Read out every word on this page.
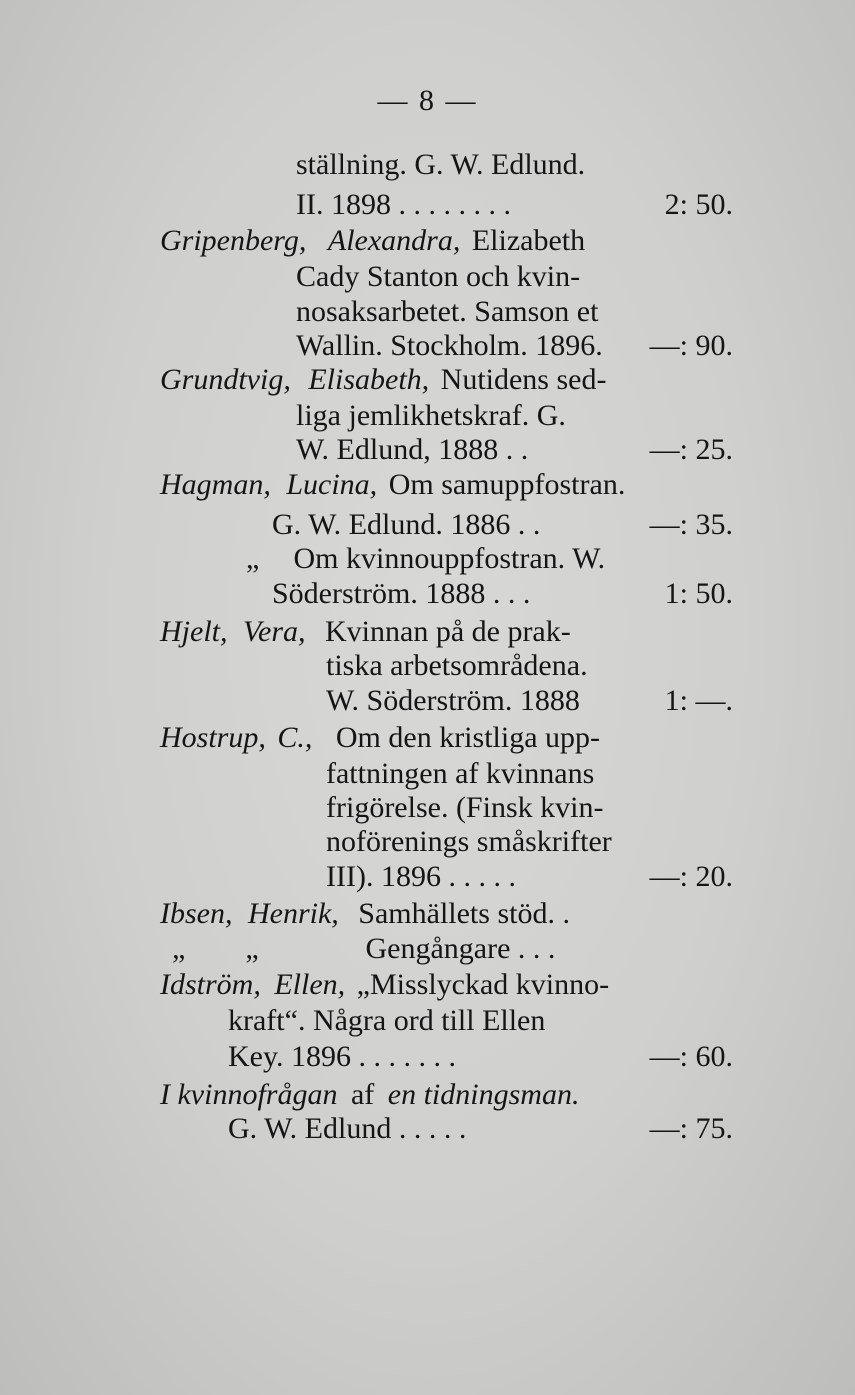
— 8 —
ställning. G. W. Edlund.
II. 1898 . . . . . . . .	2: 50.
Gripenberg, Alexandra, Elizabeth
Cady Stanton och kvin-
nosaksarbetet. Samson et
Wallin. Stockholm. 1896.	—: 90.
Grundtvig, Elisabeth, Nutidens sed-
liga jemlikhetskraf. G.
W. Edlund, 1888 . .	—: 25.
Hagman, Lucina, Om samuppfostran.
G. W. Edlund. 1886 . .	—: 35.
„ Om kvinnouppfostran. W.
Söderström. 1888 . . .	1: 50.
Hjelt, Vera, Kvinnan på de prak-
tiska arbetsområdena.
W. Söderström. 1888	1: —.
Hostrup, C., Om den kristliga upp-
fattningen af kvinnans
frigörelse. (Finsk kvin-
noförenings småskrifter
III). 1896 . . . . .	—: 20.
Ibsen, Henrik, Samhällets stöd. .
„        „	Gengångare . . .
Idström, Ellen, „Misslyckad kvinno-
kraft“. Några ord till Ellen
Key. 1896 . . . . . . .	—: 60.
I kvinnofrågan af en tidningsman.
G. W. Edlund . . . . .	—: 75.
